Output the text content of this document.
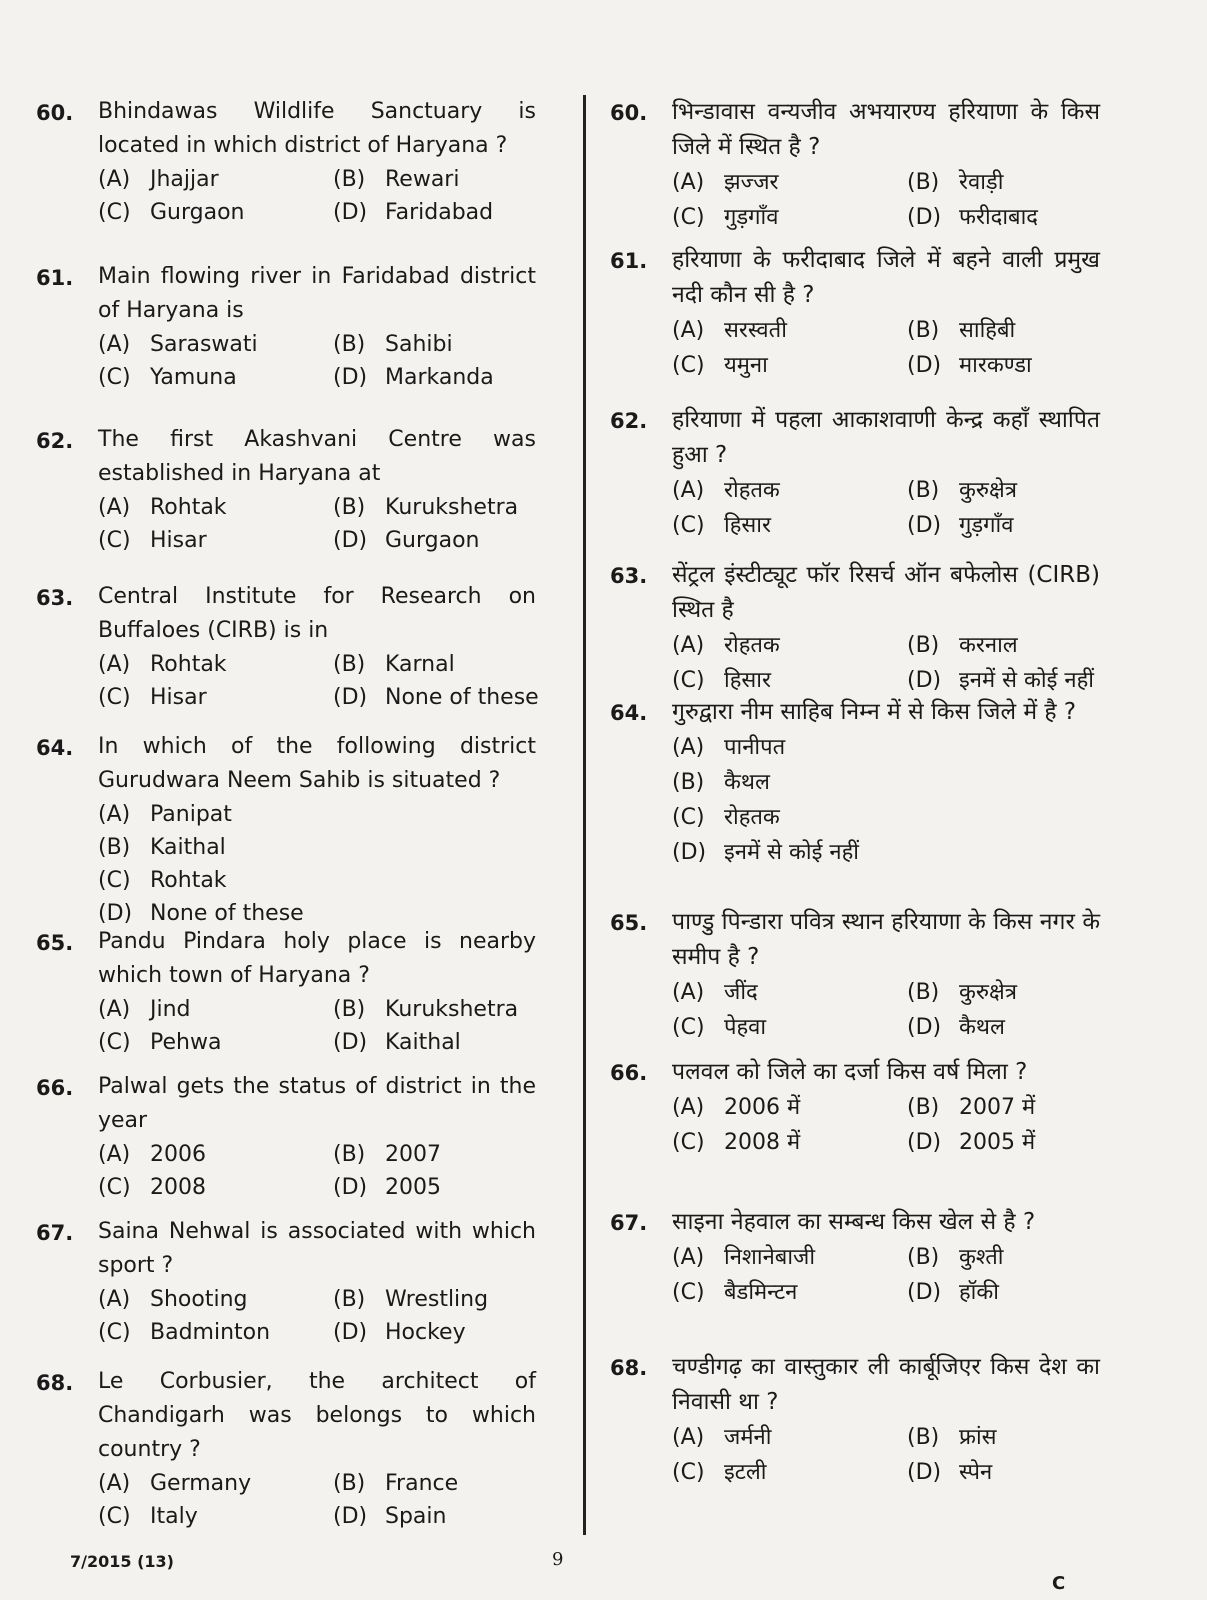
60. Bhindawas Wildlife Sanctuary is located in which district of Haryana ?
(A) Jhajjar	(B) Rewari
(C) Gurgaon	(D) Faridabad
61. Main flowing river in Faridabad district of Haryana is
(A) Saraswati	(B) Sahibi
(C) Yamuna	(D) Markanda
62. The first Akashvani Centre was established in Haryana at
(A) Rohtak	(B) Kurukshetra
(C) Hisar	(D) Gurgaon
63. Central Institute for Research on Buffaloes (CIRB) is in
(A) Rohtak	(B) Karnal
(C) Hisar	(D) None of these
64. In which of the following district Gurudwara Neem Sahib is situated ?
(A) Panipat
(B) Kaithal
(C) Rohtak
(D) None of these
65. Pandu Pindara holy place is nearby which town of Haryana ?
(A) Jind	(B) Kurukshetra
(C) Pehwa	(D) Kaithal
66. Palwal gets the status of district in the year
(A) 2006	(B) 2007
(C) 2008	(D) 2005
67. Saina Nehwal is associated with which sport ?
(A) Shooting	(B) Wrestling
(C) Badminton	(D) Hockey
68. Le Corbusier, the architect of Chandigarh was belongs to which country ?
(A) Germany	(B) France
(C) Italy	(D) Spain
60. भिन्डावास वन्यजीव अभयारण्य हरियाणा के किस जिले में स्थित है ?
(A) झज्जर	(B) रेवाड़ी
(C) गुड़गाँव	(D) फरीदाबाद
61. हरियाणा के फरीदाबाद जिले में बहने वाली प्रमुख नदी कौन सी है ?
(A) सरस्वती	(B) साहिबी
(C) यमुना	(D) मारकण्डा
62. हरियाणा में पहला आकाशवाणी केन्द्र कहाँ स्थापित हुआ ?
(A) रोहतक	(B) कुरुक्षेत्र
(C) हिसार	(D) गुड़गाँव
63. सेंट्रल इंस्टीट्यूट फॉर रिसर्च ऑन बफेलोस (CIRB) स्थित है
(A) रोहतक	(B) करनाल
(C) हिसार	(D) इनमें से कोई नहीं
64. गुरुद्वारा नीम साहिब निम्न में से किस जिले में है ?
(A) पानीपत
(B) कैथल
(C) रोहतक
(D) इनमें से कोई नहीं
65. पाण्डु पिन्डारा पवित्र स्थान हरियाणा के किस नगर के समीप है ?
(A) जींद	(B) कुरुक्षेत्र
(C) पेहवा	(D) कैथल
66. पलवल को जिले का दर्जा किस वर्ष मिला ?
(A) 2006 में	(B) 2007 में
(C) 2008 में	(D) 2005 में
67. साइना नेहवाल का सम्बन्ध किस खेल से है ?
(A) निशानेबाजी	(B) कुश्ती
(C) बैडमिन्टन	(D) हॉकी
68. चण्डीगढ़ का वास्तुकार ली कार्बूजिएर किस देश का निवासी था ?
(A) जर्मनी	(B) फ्रांस
(C) इटली	(D) स्पेन
7/2015 (13)	9
C
